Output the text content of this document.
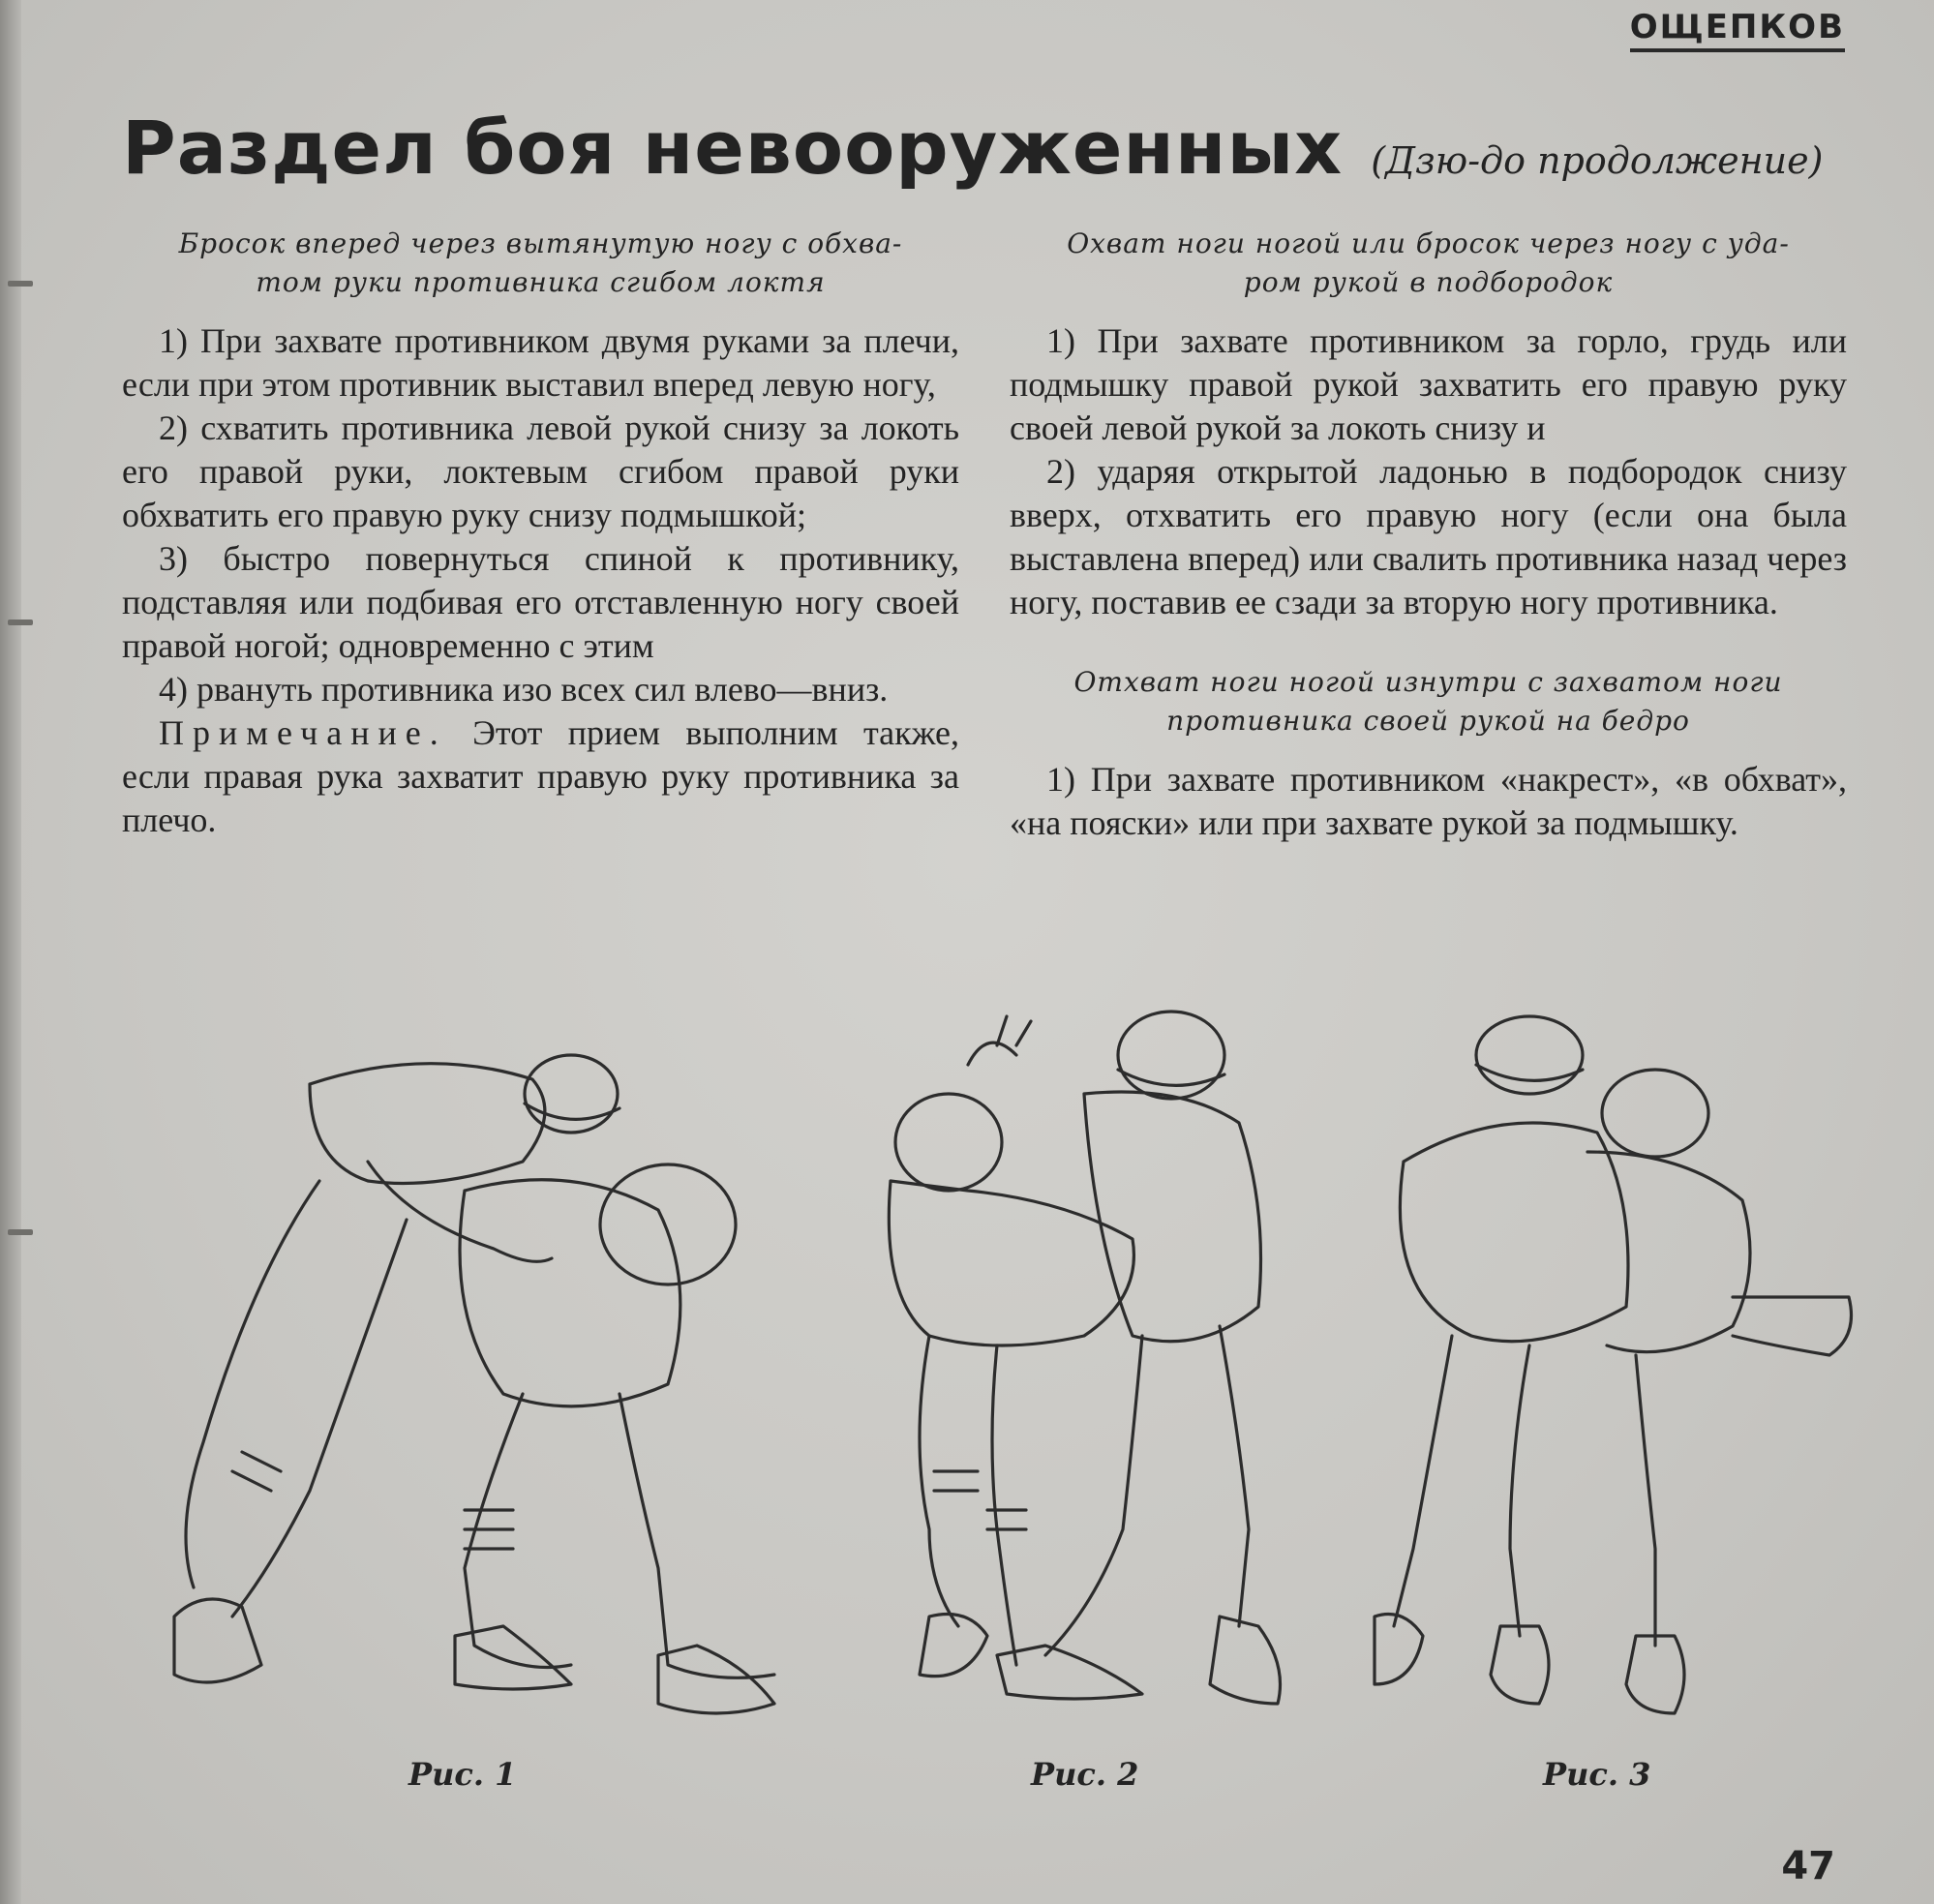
ОЩЕПКОВ
Раздел боя невооруженных (Дзю-до продолжение)
Бросок вперед через вытянутую ногу с обхва-
том руки противника сгибом локтя

1) При захвате противником двумя руками за плечи, если при этом противник выставил вперед левую ногу,

2) схватить противника левой рукой снизу за локоть его правой руки, локтевым сгибом правой руки обхватить его правую руку снизу подмышкой;

3) быстро повернуться спиной к противнику, подставляя или подбивая его отставленную ногу своей правой ногой; одновременно с этим

4) рвануть противника изо всех сил влево—вниз.

Примечание. Этот прием выполним также, если правая рука захватит правую руку противника за плечо.

Охват ноги ногой или бросок через ногу с уда-
ром рукой в подбородок

1) При захвате противником за горло, грудь или подмышку правой рукой захватить его правую руку своей левой рукой за локоть снизу и

2) ударяя открытой ладонью в подбородок снизу вверх, отхватить его правую ногу (если она была выставлена вперед) или свалить противника назад через ногу, поставив ее сзади за вторую ногу противника.

Отхват ноги ногой изнутри с захватом ноги
противника своей рукой на бедро

1) При захвате противником «накрест», «в обхват», «на пояски» или при захвате рукой за подмышку.

Рис. 1	Рис. 2	Рис. 3
47
